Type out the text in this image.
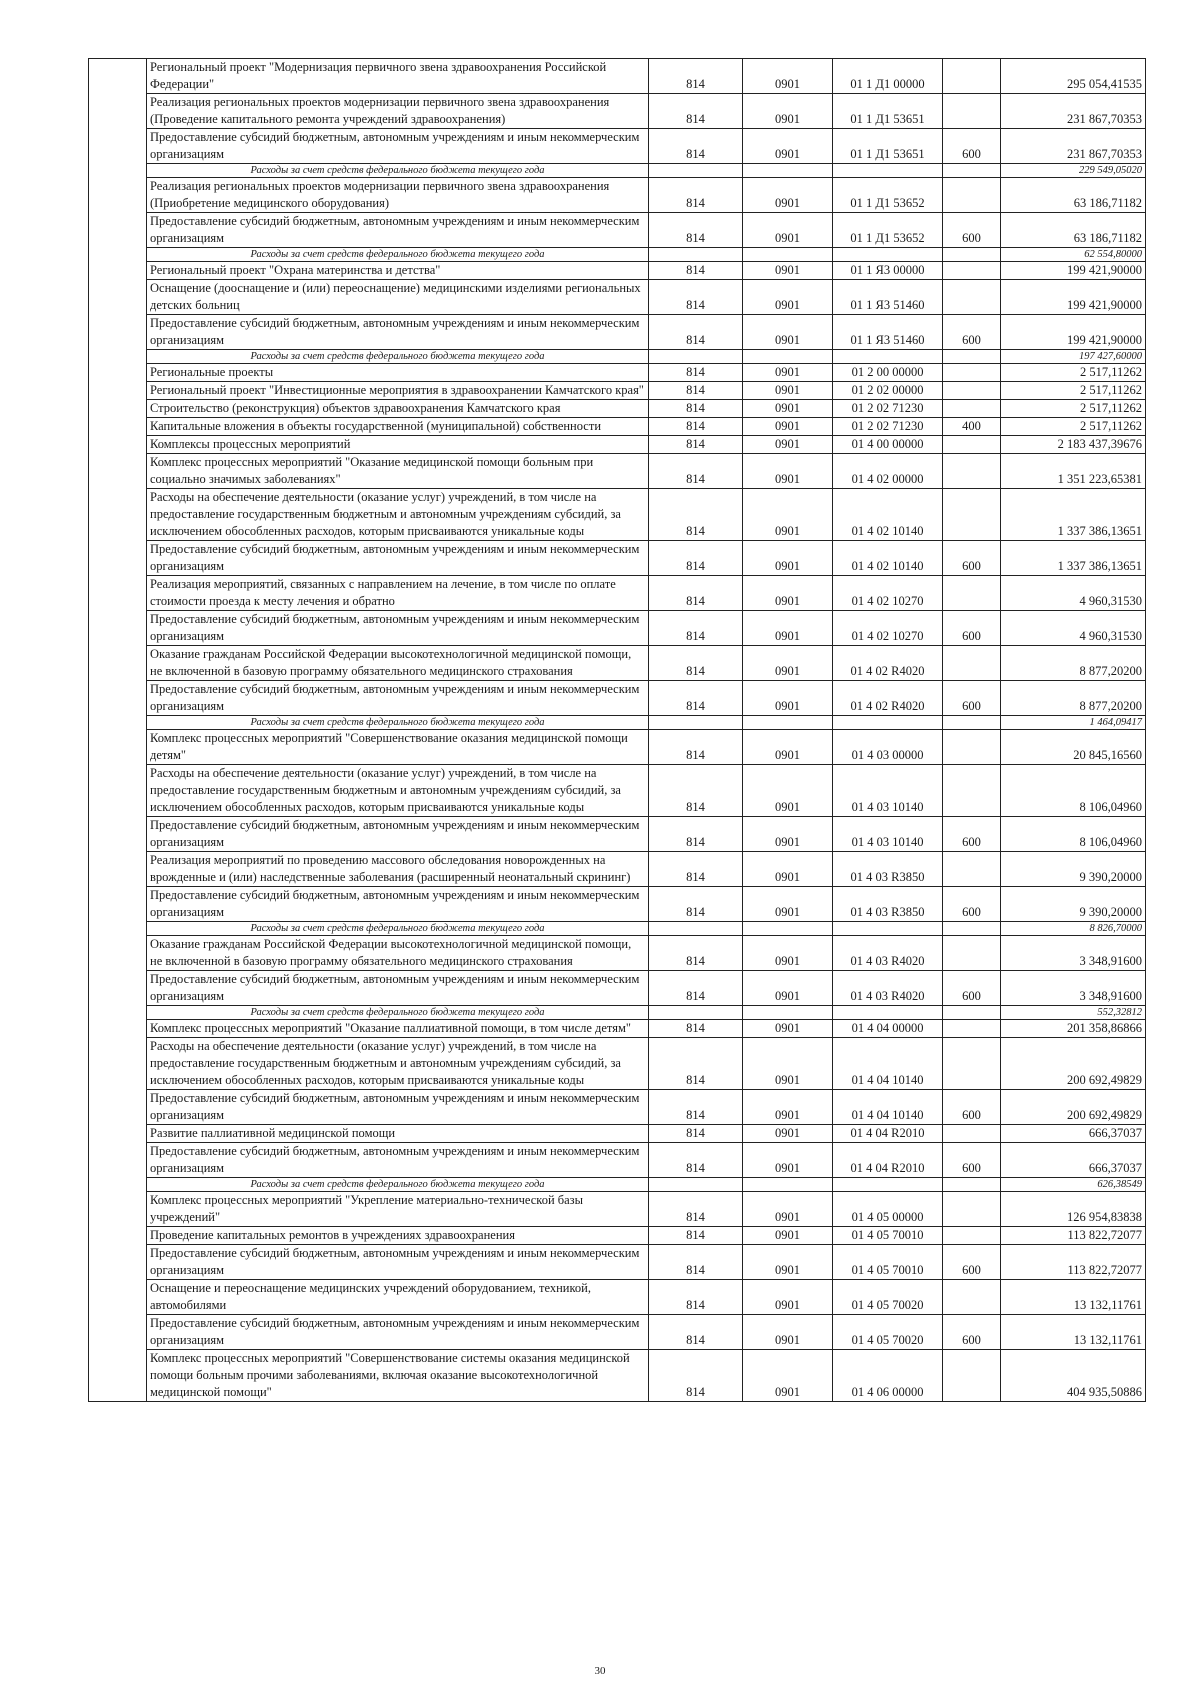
	Региональный проект "Модернизация первичного звена здравоохранения Российской Федерации"	814	0901	01 1 Д1 00000		295 054,41535
	Реализация региональных проектов модернизации первичного звена здравоохранения (Проведение капитального ремонта учреждений здравоохранения)	814	0901	01 1 Д1 53651		231 867,70353
	Предоставление субсидий бюджетным, автономным учреждениям и иным некоммерческим организациям	814	0901	01 1 Д1 53651	600	231 867,70353
	Расходы за счет средств федерального бюджета текущего года					229 549,05020
	Реализация региональных проектов модернизации первичного звена здравоохранения (Приобретение медицинского оборудования)	814	0901	01 1 Д1 53652		63 186,71182
	Предоставление субсидий бюджетным, автономным учреждениям и иным некоммерческим организациям	814	0901	01 1 Д1 53652	600	63 186,71182
	Расходы за счет средств федерального бюджета текущего года					62 554,80000
	Региональный проект "Охрана материнства и детства"	814	0901	01 1 Я3 00000		199 421,90000
	Оснащение (дооснащение и (или) переоснащение) медицинскими изделиями региональных детских больниц	814	0901	01 1 Я3 51460		199 421,90000
	Предоставление субсидий бюджетным, автономным учреждениям и иным некоммерческим организациям	814	0901	01 1 Я3 51460	600	199 421,90000
	Расходы за счет средств федерального бюджета текущего года					197 427,60000
	Региональные проекты	814	0901	01 2 00 00000		2 517,11262
	Региональный проект "Инвестиционные мероприятия в здравоохранении Камчатского края"	814	0901	01 2 02 00000		2 517,11262
	Строительство (реконструкция) объектов здравоохранения Камчатского края	814	0901	01 2 02 71230		2 517,11262
	Капитальные вложения в объекты государственной (муниципальной) собственности	814	0901	01 2 02 71230	400	2 517,11262
	Комплексы процессных мероприятий	814	0901	01 4 00 00000		2 183 437,39676
	Комплекс процессных мероприятий "Оказание медицинской помощи больным при социально значимых заболеваниях"	814	0901	01 4 02 00000		1 351 223,65381
	Расходы на обеспечение деятельности (оказание услуг) учреждений, в том числе на предоставление государственным бюджетным и автономным учреждениям субсидий, за исключением обособленных расходов, которым присваиваются уникальные коды	814	0901	01 4 02 10140		1 337 386,13651
	Предоставление субсидий бюджетным, автономным учреждениям и иным некоммерческим организациям	814	0901	01 4 02 10140	600	1 337 386,13651
	Реализация мероприятий, связанных с направлением на лечение, в том числе по оплате стоимости проезда к месту лечения и обратно	814	0901	01 4 02 10270		4 960,31530
	Предоставление субсидий бюджетным, автономным учреждениям и иным некоммерческим организациям	814	0901	01 4 02 10270	600	4 960,31530
	Оказание гражданам Российской Федерации высокотехнологичной медицинской помощи, не включенной в базовую программу обязательного медицинского страхования	814	0901	01 4 02 R4020		8 877,20200
	Предоставление субсидий бюджетным, автономным учреждениям и иным некоммерческим организациям	814	0901	01 4 02 R4020	600	8 877,20200
	Расходы за счет средств федерального бюджета текущего года					1 464,09417
	Комплекс процессных мероприятий "Совершенствование оказания медицинской помощи детям"	814	0901	01 4 03 00000		20 845,16560
	Расходы на обеспечение деятельности (оказание услуг) учреждений, в том числе на предоставление государственным бюджетным и автономным учреждениям субсидий, за исключением обособленных расходов, которым присваиваются уникальные коды	814	0901	01 4 03 10140		8 106,04960
	Предоставление субсидий бюджетным, автономным учреждениям и иным некоммерческим организациям	814	0901	01 4 03 10140	600	8 106,04960
	Реализация мероприятий по проведению массового обследования новорожденных на врожденные и (или) наследственные заболевания (расширенный неонатальный скрининг)	814	0901	01 4 03 R3850		9 390,20000
	Предоставление субсидий бюджетным, автономным учреждениям и иным некоммерческим организациям	814	0901	01 4 03 R3850	600	9 390,20000
	Расходы за счет средств федерального бюджета текущего года					8 826,70000
	Оказание гражданам Российской Федерации высокотехнологичной медицинской помощи, не включенной в базовую программу обязательного медицинского страхования	814	0901	01 4 03 R4020		3 348,91600
	Предоставление субсидий бюджетным, автономным учреждениям и иным некоммерческим организациям	814	0901	01 4 03 R4020	600	3 348,91600
	Расходы за счет средств федерального бюджета текущего года					552,32812
	Комплекс процессных мероприятий "Оказание паллиативной помощи, в том числе детям"	814	0901	01 4 04 00000		201 358,86866
	Расходы на обеспечение деятельности (оказание услуг) учреждений, в том числе на предоставление государственным бюджетным и автономным учреждениям субсидий, за исключением обособленных расходов, которым присваиваются уникальные коды	814	0901	01 4 04 10140		200 692,49829
	Предоставление субсидий бюджетным, автономным учреждениям и иным некоммерческим организациям	814	0901	01 4 04 10140	600	200 692,49829
	Развитие паллиативной медицинской помощи	814	0901	01 4 04 R2010		666,37037
	Предоставление субсидий бюджетным, автономным учреждениям и иным некоммерческим организациям	814	0901	01 4 04 R2010	600	666,37037
	Расходы за счет средств федерального бюджета текущего года					626,38549
	Комплекс процессных мероприятий "Укрепление материально-технической базы учреждений"	814	0901	01 4 05 00000		126 954,83838
	Проведение капитальных ремонтов в учреждениях здравоохранения	814	0901	01 4 05 70010		113 822,72077
	Предоставление субсидий бюджетным, автономным учреждениям и иным некоммерческим организациям	814	0901	01 4 05 70010	600	113 822,72077
	Оснащение и переоснащение медицинских учреждений оборудованием, техникой, автомобилями	814	0901	01 4 05 70020		13 132,11761
	Предоставление субсидий бюджетным, автономным учреждениям и иным некоммерческим организациям	814	0901	01 4 05 70020	600	13 132,11761
	Комплекс процессных мероприятий "Совершенствование системы оказания медицинской помощи больным прочими заболеваниями, включая оказание высокотехнологичной медицинской помощи"	814	0901	01 4 06 00000		404 935,50886
30
